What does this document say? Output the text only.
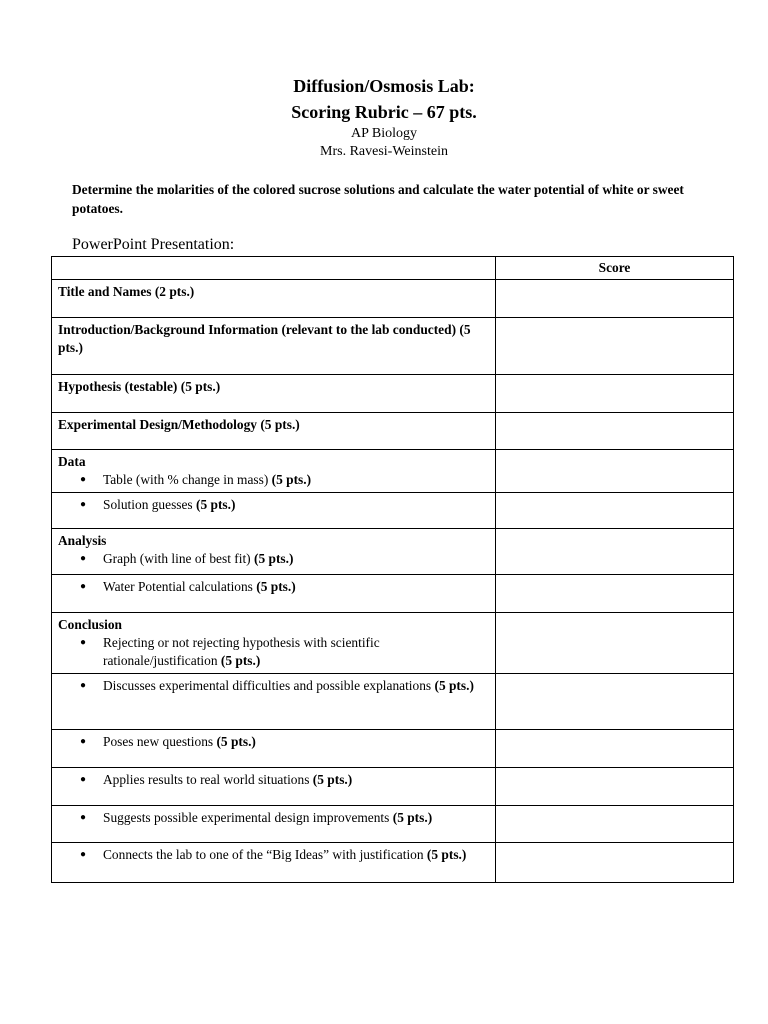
Diffusion/Osmosis Lab:
Scoring Rubric – 67 pts.
AP Biology
Mrs. Ravesi-Weinstein
Determine the molarities of the colored sucrose solutions and calculate the water potential of white or sweet potatoes.
PowerPoint Presentation:
	Score
Title and Names (2 pts.)	
Introduction/Background Information (relevant to the lab conducted) (5 pts.)	
Hypothesis (testable) (5 pts.)	
Experimental Design/Methodology (5 pts.)	

Data
● Table (with % change in mass) (5 pts.)

● Solution guesses (5 pts.)

Analysis
● Graph (with line of best fit) (5 pts.)

● Water Potential calculations (5 pts.)

Conclusion
● Rejecting or not rejecting hypothesis with scientific rationale/justification (5 pts.)

● Discusses experimental difficulties and possible explanations (5 pts.)

● Poses new questions (5 pts.)

● Applies results to real world situations (5 pts.)

● Suggests possible experimental design improvements (5 pts.)

● Connects the lab to one of the “Big Ideas” with justification (5 pts.)
